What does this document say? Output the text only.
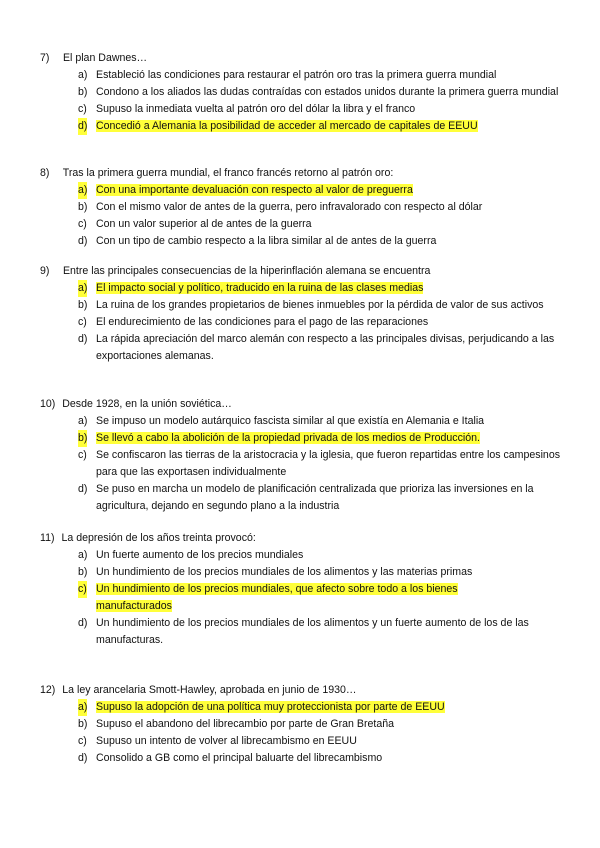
7) El plan Dawnes…
a) Estableció las condiciones para restaurar el patrón oro tras la primera guerra mundial
b) Condono a los aliados las dudas contraídas con estados unidos durante la primera guerra mundial
c) Supuso la inmediata vuelta al patrón oro del dólar la libra y el franco
d) Concedió a Alemania la posibilidad de acceder al mercado de capitales de EEUU
8) Tras la primera guerra mundial, el franco francés retorno al patrón oro:
a) Con una importante devaluación con respecto al valor de preguerra
b) Con el mismo valor de antes de la guerra, pero infravalorado con respecto al dólar
c) Con un valor superior al de antes de la guerra
d) Con un tipo de cambio respecto a la libra similar al de antes de la guerra
9) Entre las principales consecuencias de la hiperinflación alemana se encuentra
a) El impacto social y político, traducido en la ruina de las clases medias
b) La ruina de los grandes propietarios de bienes inmuebles por la pérdida de valor de sus activos
c) El endurecimiento de las condiciones para el pago de las reparaciones
d) La rápida apreciación del marco alemán con respecto a las principales divisas, perjudicando a las exportaciones alemanas.
10) Desde 1928, en la unión soviética…
a) Se impuso un modelo autárquico fascista similar al que existía en Alemania e Italia
b) Se llevó a cabo la abolición de la propiedad privada de los medios de Producción.
c) Se confiscaron las tierras de la aristocracia y la iglesia, que fueron repartidas entre los campesinos para que las exportasen individualmente
d) Se puso en marcha un modelo de planificación centralizada que prioriza las inversiones en la agricultura, dejando en segundo plano a la industria
11) La depresión de los años treinta provocó:
a) Un fuerte aumento de los precios mundiales
b) Un hundimiento de los precios mundiales de los alimentos y las materias primas
c) Un hundimiento de los precios mundiales, que afecto sobre todo a los bienes manufacturados
d) Un hundimiento de los precios mundiales de los alimentos y un fuerte aumento de los de las manufacturas.
12) La ley arancelaria Smott-Hawley, aprobada en junio de 1930…
a) Supuso la adopción de una política muy proteccionista por parte de EEUU
b) Supuso el abandono del librecambio por parte de Gran Bretaña
c) Supuso un intento de volver al librecambismo en EEUU
d) Consolido a GB como el principal baluarte del librecambismo
